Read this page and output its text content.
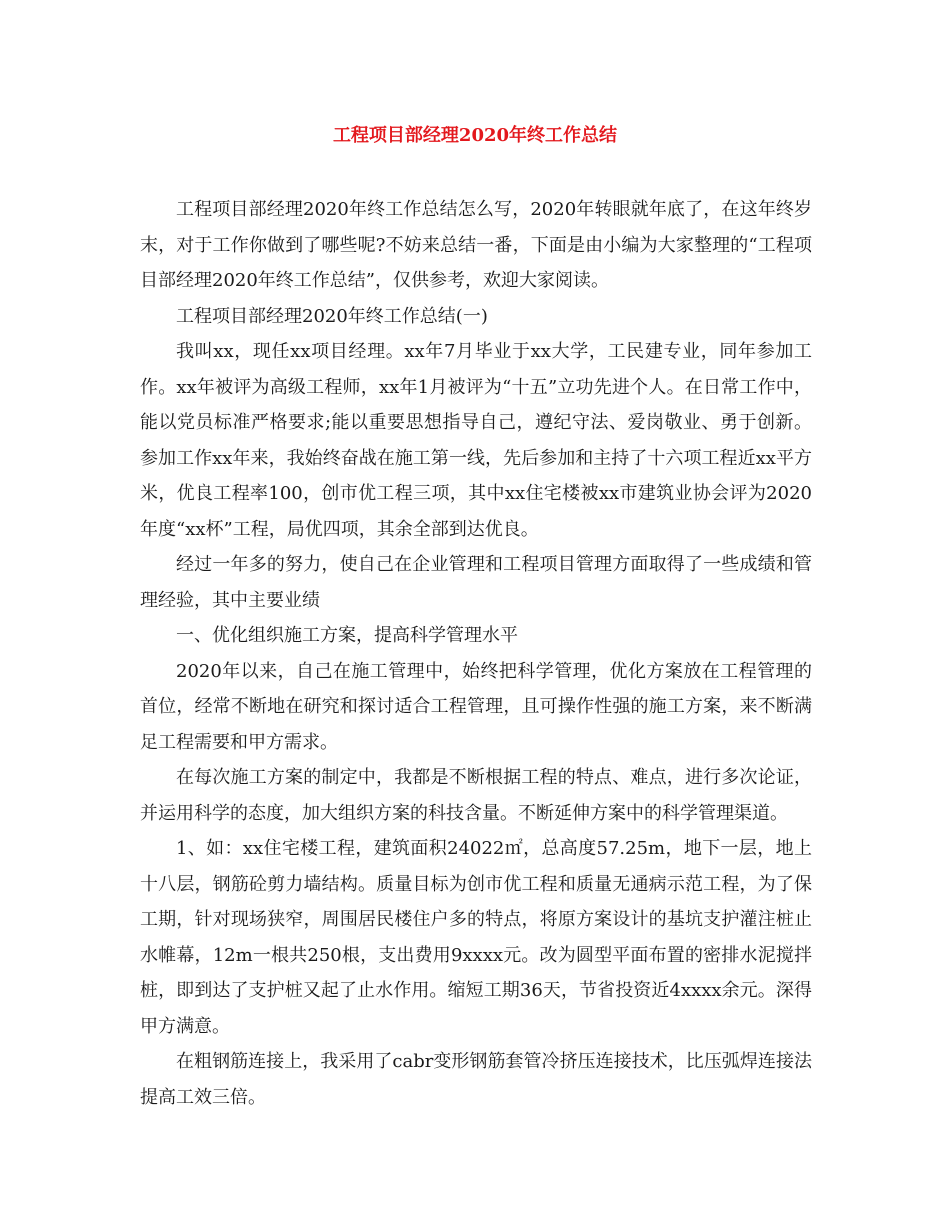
工程项目部经理2020年终工作总结

工程项目部经理2020年终工作总结怎么写，2020年转眼就年底了，在这年终岁末，对于工作你做到了哪些呢?不妨来总结一番，下面是由小编为大家整理的“工程项目部经理2020年终工作总结”，仅供参考，欢迎大家阅读。

工程项目部经理2020年终工作总结(一)

我叫xx，现任xx项目经理。xx年7月毕业于xx大学，工民建专业，同年参加工作。xx年被评为高级工程师，xx年1月被评为“十五”立功先进个人。在日常工作中，能以党员标准严格要求;能以重要思想指导自己，遵纪守法、爱岗敬业、勇于创新。参加工作xx年来，我始终奋战在施工第一线，先后参加和主持了十六项工程近xx平方米，优良工程率100，创市优工程三项，其中xx住宅楼被xx市建筑业协会评为2020年度“xx杯”工程，局优四项，其余全部到达优良。

经过一年多的努力，使自己在企业管理和工程项目管理方面取得了一些成绩和管理经验，其中主要业绩

一、优化组织施工方案，提高科学管理水平

2020年以来，自己在施工管理中，始终把科学管理，优化方案放在工程管理的首位，经常不断地在研究和探讨适合工程管理，且可操作性强的施工方案，来不断满足工程需要和甲方需求。

在每次施工方案的制定中，我都是不断根据工程的特点、难点，进行多次论证，并运用科学的态度，加大组织方案的科技含量。不断延伸方案中的科学管理渠道。

1、如：xx住宅楼工程，建筑面积24022㎡，总高度57.25m，地下一层，地上十八层，钢筋砼剪力墙结构。质量目标为创市优工程和质量无通病示范工程，为了保工期，针对现场狭窄，周围居民楼住户多的特点，将原方案设计的基坑支护灌注桩止水帷幕，12m一根共250根，支出费用9xxxx元。改为圆型平面布置的密排水泥搅拌桩，即到达了支护桩又起了止水作用。缩短工期36天，节省投资近4xxxx余元。深得甲方满意。

在粗钢筋连接上，我采用了cabr变形钢筋套管冷挤压连接技术，比压弧焊连接法提高工效三倍。
